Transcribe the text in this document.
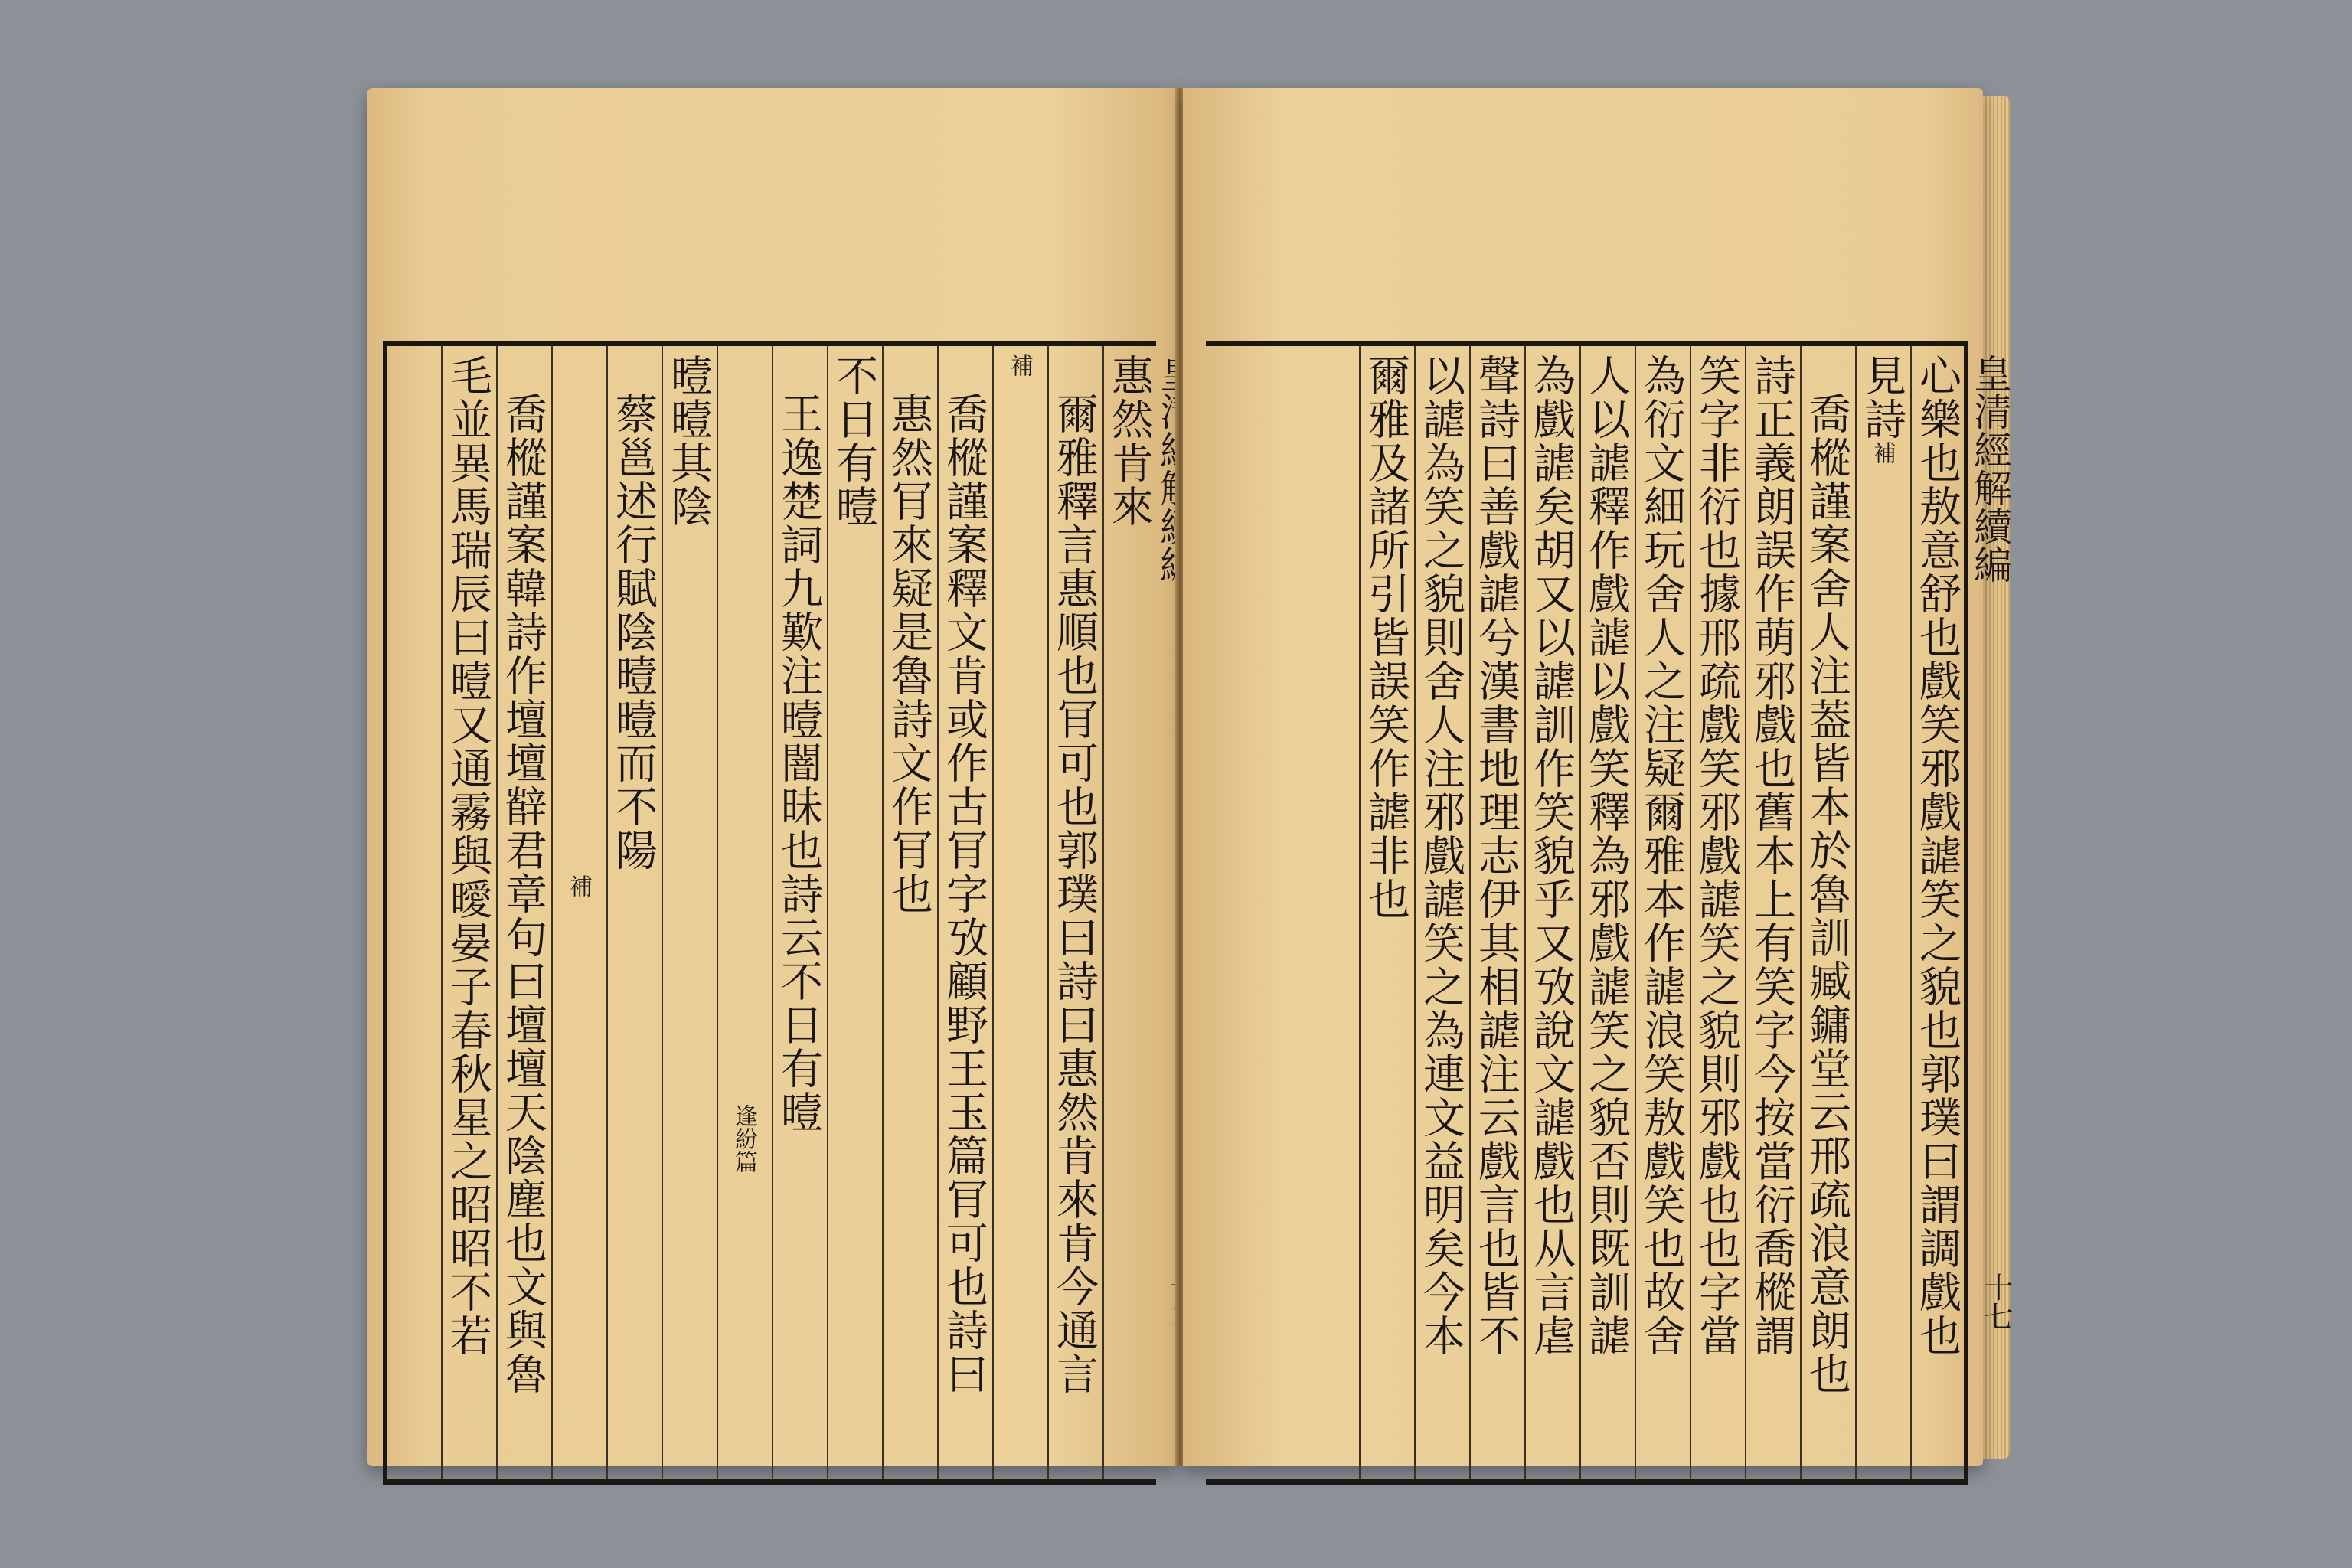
惠然肯來
爾雅釋言惠順也肎可也郭璞曰詩曰惠然肯來肯今通言
補
喬樅謹案釋文肯或作古肎字攷顧野王玉篇肎可也詩曰
惠然肎來疑是魯詩文作肎也
不日有曀
王逸楚詞九歎注曀闇昧也詩云不日有曀
逢紛篇
曀曀其陰
蔡邕述行賦陰曀曀而不陽
補
喬樅謹案韓詩作壇壇辥君章句曰壇壇天陰塵也文與魯
毛並異馬瑞辰曰曀又通霧與曖晏子春秋星之昭昭不若	皇清經解續編
十七
心樂也敖意舒也戲笑邪戲謔笑之貌也郭璞曰謂調戲也
見詩補
喬樅謹案舍人注葢皆本於魯訓臧鏞堂云邢疏浪意朗也
詩正義朗誤作萌邪戲也舊本上有笑字今按當衍喬樅謂
笑字非衍也據邢疏戲笑邪戲謔笑之貌則邪戲也也字當
為衍文細玩舍人之注疑爾雅本作謔浪笑敖戲笑也故舍
人以謔釋作戲謔以戲笑釋為邪戲謔笑之貌否則既訓謔
為戲謔矣胡又以謔訓作笑貌乎又攷說文謔戲也从言虐
聲詩曰善戲謔兮漢書地理志伊其相謔注云戲言也皆不
以謔為笑之貌則舍人注邪戲謔笑之為連文益明矣今本
爾雅及諸所引皆誤笑作謔非也
